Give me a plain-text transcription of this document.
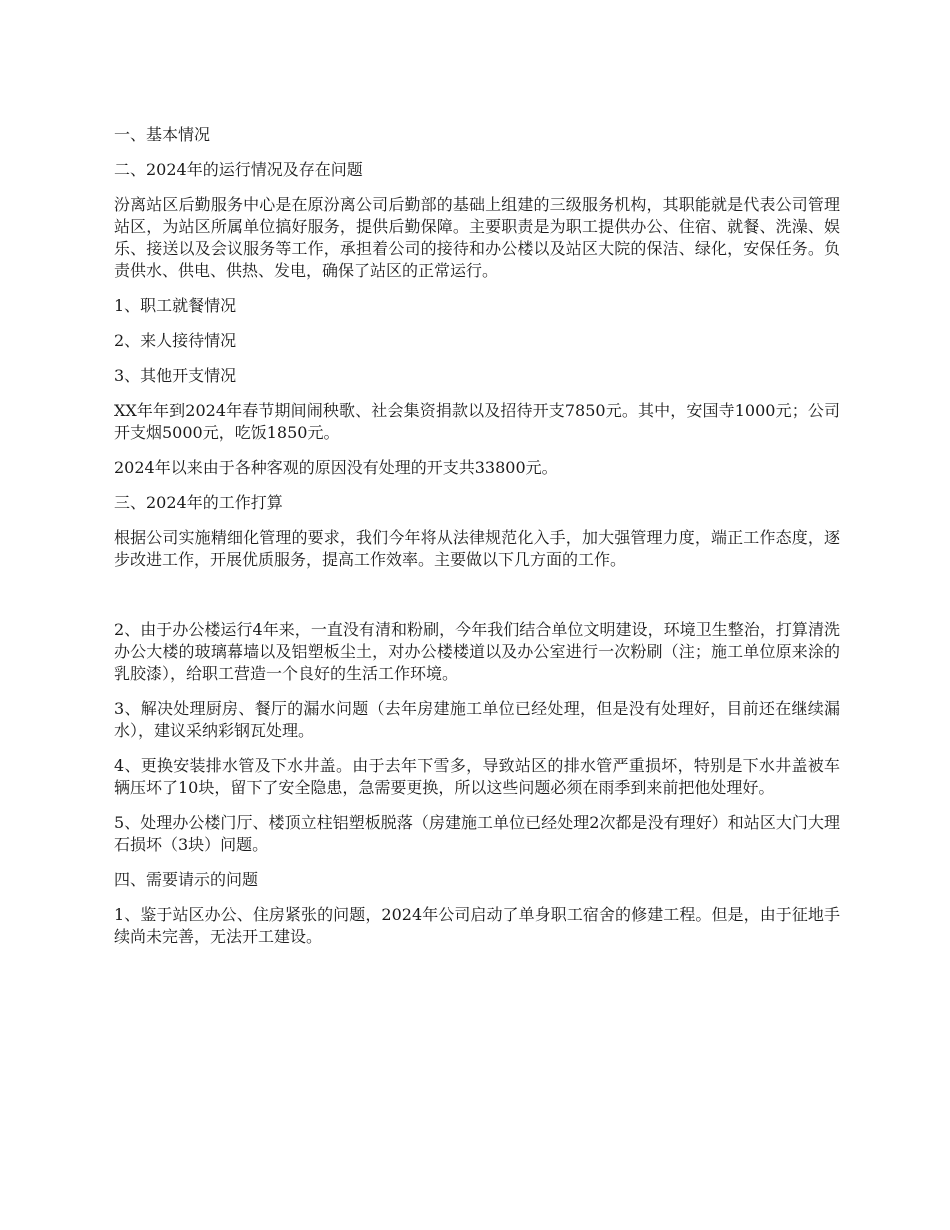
一、基本情况

二、2024年的运行情况及存在问题

汾离站区后勤服务中心是在原汾离公司后勤部的基础上组建的三级服务机构，其职能就是代表公司管理站区，为站区所属单位搞好服务，提供后勤保障。主要职责是为职工提供办公、住宿、就餐、洗澡、娱乐、接送以及会议服务等工作，承担着公司的接待和办公楼以及站区大院的保洁、绿化，安保任务。负责供水、供电、供热、发电，确保了站区的正常运行。

1、职工就餐情况

2、来人接待情况

3、其他开支情况

XX年年到2024年春节期间闹秧歌、社会集资捐款以及招待开支7850元。其中，安国寺1000元；公司开支烟5000元，吃饭1850元。

2024年以来由于各种客观的原因没有处理的开支共33800元。

三、2024年的工作打算

根据公司实施精细化管理的要求，我们今年将从法律规范化入手，加大强管理力度，端正工作态度，逐步改进工作，开展优质服务，提高工作效率。主要做以下几方面的工作。

2、由于办公楼运行4年来，一直没有清和粉刷，今年我们结合单位文明建设，环境卫生整治，打算清洗办公大楼的玻璃幕墙以及铝塑板尘土，对办公楼楼道以及办公室进行一次粉刷（注；施工单位原来涂的乳胶漆），给职工营造一个良好的生活工作环境。

3、解决处理厨房、餐厅的漏水问题（去年房建施工单位已经处理，但是没有处理好，目前还在继续漏水），建议采纳彩钢瓦处理。

4、更换安装排水管及下水井盖。由于去年下雪多，导致站区的排水管严重损坏，特别是下水井盖被车辆压坏了10块，留下了安全隐患，急需要更换，所以这些问题必须在雨季到来前把他处理好。

5、处理办公楼门厅、楼顶立柱铝塑板脱落（房建施工单位已经处理2次都是没有理好）和站区大门大理石损坏（3块）问题。

四、需要请示的问题

1、鉴于站区办公、住房紧张的问题，2024年公司启动了单身职工宿舍的修建工程。但是，由于征地手续尚未完善，无法开工建设。
